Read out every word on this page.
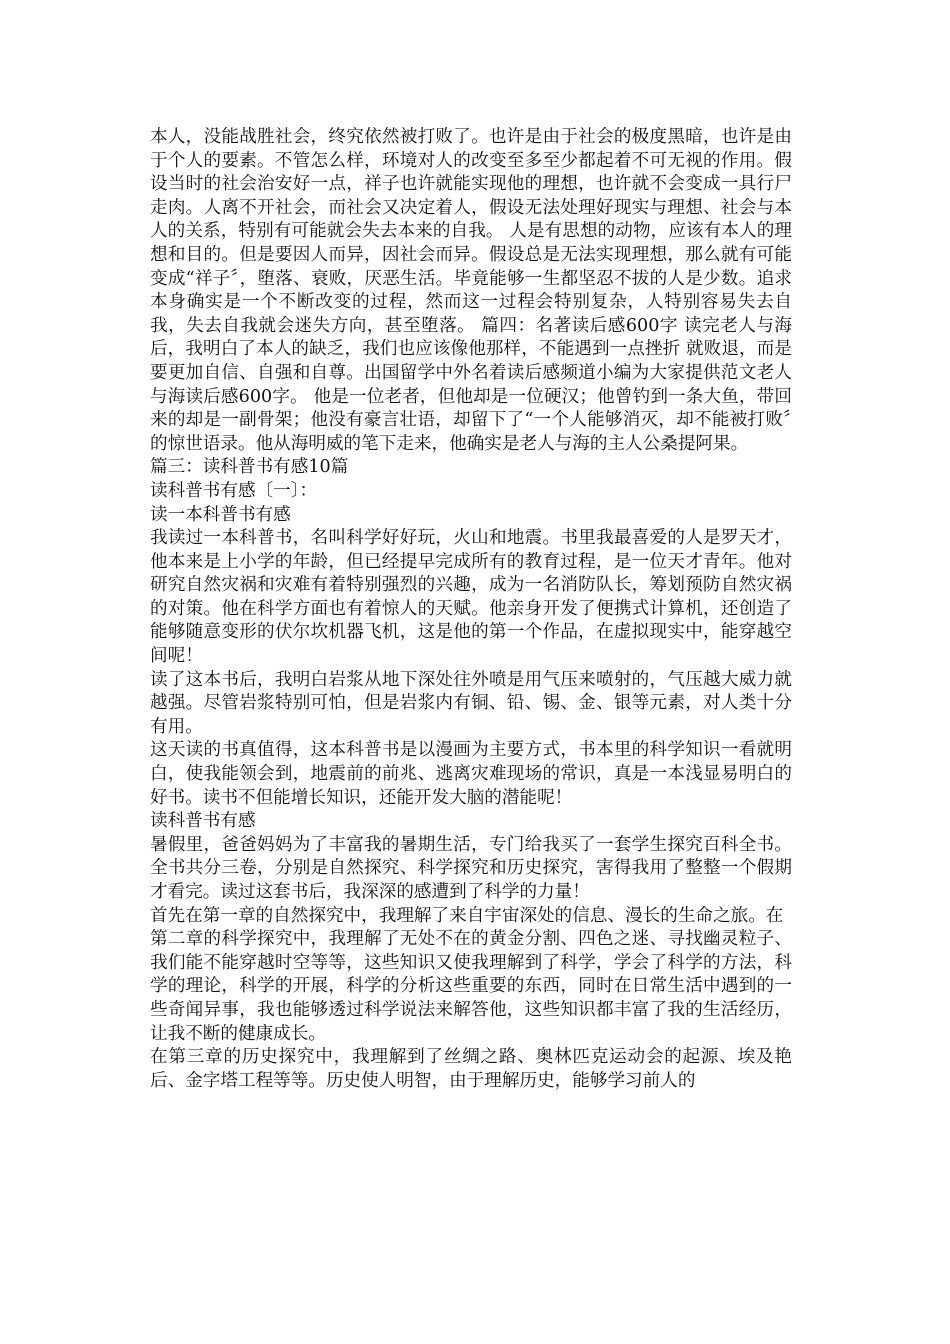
本人，没能战胜社会，终究依然被打败了。也许是由于社会的极度黑暗，也许是由于个人的要素。不管怎么样，环境对人的改变至多至少都起着不可无视的作用。假设当时的社会治安好一点，祥子也许就能实现他的理想，也许就不会变成一具行尸走肉。人离不开社会，而社会又决定着人，假设无法处理好现实与理想、社会与本人的关系，特别有可能就会失去本来的自我。 人是有思想的动物，应该有本人的理想和目的。但是要因人而异，因社会而异。假设总是无法实现理想，那么就有可能变成“祥子〞，堕落、衰败，厌恶生活。毕竟能够一生都坚忍不拔的人是少数。追求本身确实是一个不断改变的过程，然而这一过程会特别复杂，人特别容易失去自我，失去自我就会迷失方向，甚至堕落。 篇四：名著读后感600字 读完老人与海后，我明白了本人的缺乏，我们也应该像他那样，不能遇到一点挫折 就败退，而是要更加自信、自强和自尊。出国留学中外名着读后感频道小编为大家提供范文老人与海读后感600字。 他是一位老者，但他却是一位硬汉；他曾钓到一条大鱼，带回来的却是一副骨架；他没有豪言壮语，却留下了“一个人能够消灭，却不能被打败〞的惊世语录。他从海明威的笔下走来，他确实是老人与海的主人公桑提阿果。

篇三：读科普书有感10篇

读科普书有感〔一〕：

读一本科普书有感

我读过一本科普书，名叫科学好好玩，火山和地震。书里我最喜爱的人是罗天才，他本来是上小学的年龄，但已经提早完成所有的教育过程，是一位天才青年。他对研究自然灾祸和灾难有着特别强烈的兴趣，成为一名消防队长，筹划预防自然灾祸的对策。他在科学方面也有着惊人的天赋。他亲身开发了便携式计算机，还创造了能够随意变形的伏尔坎机器飞机，这是他的第一个作品，在虚拟现实中，能穿越空间呢！

读了这本书后，我明白岩浆从地下深处往外喷是用气压来喷射的，气压越大威力就越强。尽管岩浆特别可怕，但是岩浆内有铜、铅、锡、金、银等元素，对人类十分有用。

这天读的书真值得，这本科普书是以漫画为主要方式，书本里的科学知识一看就明白，使我能领会到，地震前的前兆、逃离灾难现场的常识，真是一本浅显易明白的好书。读书不但能增长知识，还能开发大脑的潜能呢！

读科普书有感

暑假里，爸爸妈妈为了丰富我的暑期生活，专门给我买了一套学生探究百科全书。全书共分三卷，分别是自然探究、科学探究和历史探究，害得我用了整整一个假期才看完。读过这套书后，我深深的感遭到了科学的力量！

首先在第一章的自然探究中，我理解了来自宇宙深处的信息、漫长的生命之旅。在

第二章的科学探究中，我理解了无处不在的黄金分割、四色之迷、寻找幽灵粒子、我们能不能穿越时空等等，这些知识又使我理解到了科学，学会了科学的方法，科学的理论，科学的开展，科学的分析这些重要的东西，同时在日常生活中遇到的一些奇闻异事，我也能够透过科学说法来解答他，这些知识都丰富了我的生活经历，让我不断的健康成长。

在第三章的历史探究中，我理解到了丝绸之路、奥林匹克运动会的起源、埃及艳后、金字塔工程等等。历史使人明智，由于理解历史，能够学习前人的
